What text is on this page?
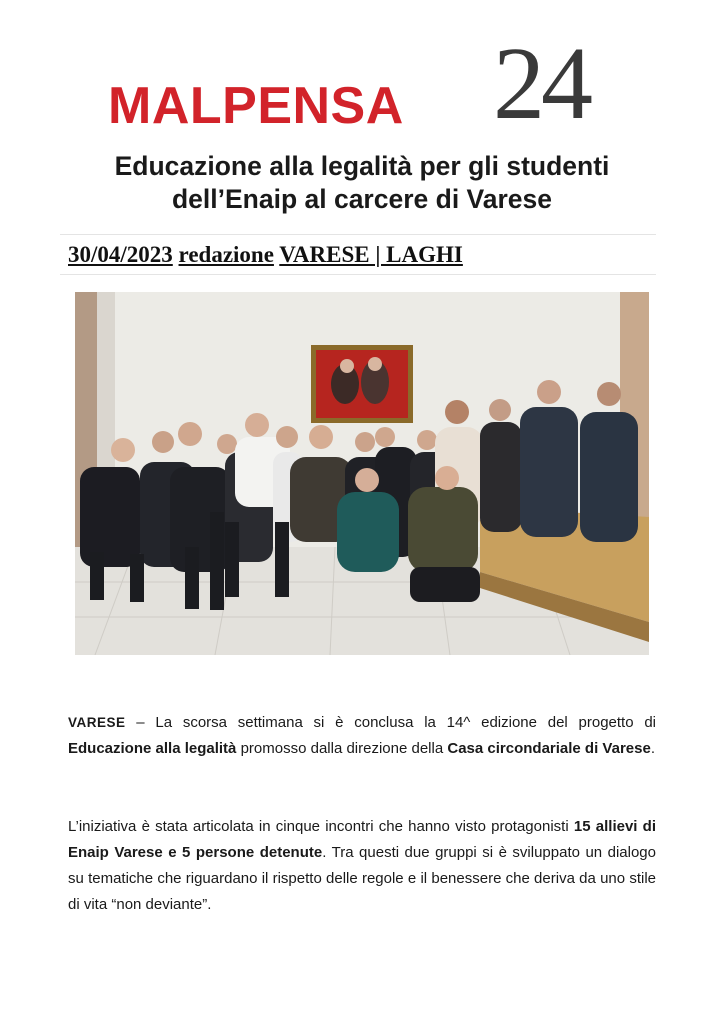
MALPENSA 24
Educazione alla legalità per gli studenti
dell’Enaip al carcere di Varese
30/04/2023 redazione VARESE | LAGHI
VARESE – La scorsa settimana si è conclusa la 14^ edizione del progetto di Educazione alla legalità promosso dalla direzione della Casa circondariale di Varese.
L’iniziativa è stata articolata in cinque incontri che hanno visto protagonisti 15 allievi di Enaip Varese e 5 persone detenute. Tra questi due gruppi si è sviluppato un dialogo su tematiche che riguardano il rispetto delle regole e il benessere che deriva da uno stile di vita “non deviante”.
